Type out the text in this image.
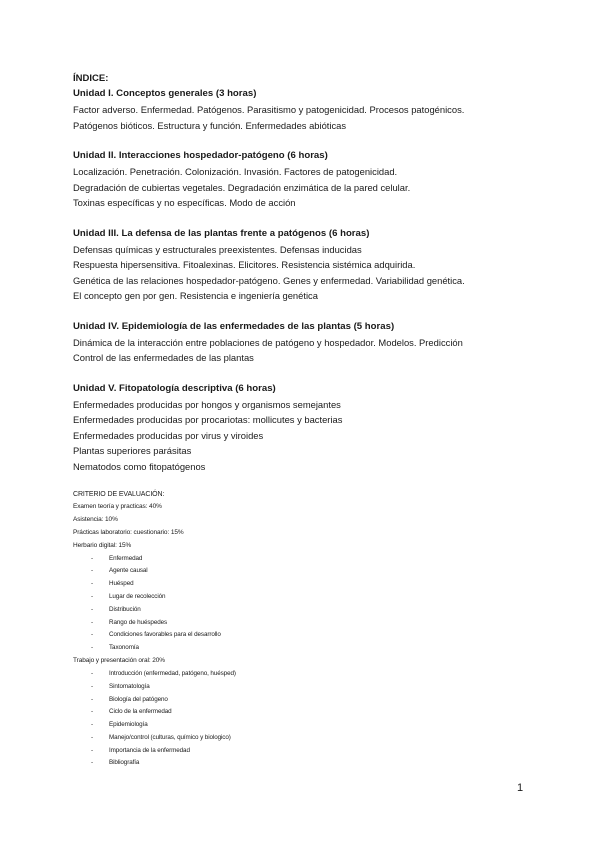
ÍNDICE:

Unidad I. Conceptos generales (3 horas)

Factor adverso. Enfermedad. Patógenos. Parasitismo y patogenicidad. Procesos patogénicos.

Patógenos bióticos. Estructura y función. Enfermedades abióticas

Unidad II. Interacciones hospedador-patógeno (6 horas)

Localización. Penetración. Colonización. Invasión. Factores de patogenicidad.

Degradación de cubiertas vegetales. Degradación enzimática de la pared celular.

Toxinas específicas y no específicas. Modo de acción

Unidad III. La defensa de las plantas frente a patógenos (6 horas)

Defensas químicas y estructurales preexistentes. Defensas inducidas

Respuesta hipersensitiva. Fitoalexinas. Elicitores. Resistencia sistémica adquirida.

Genética de las relaciones hospedador-patógeno. Genes y enfermedad. Variabilidad genética.

El concepto gen por gen. Resistencia e ingeniería genética

Unidad IV. Epidemiología de las enfermedades de las plantas (5 horas)

Dinámica de la interacción entre poblaciones de patógeno y hospedador. Modelos. Predicción

Control de las enfermedades de las plantas

Unidad V. Fitopatología descriptiva (6 horas)

Enfermedades producidas por hongos y organismos semejantes

Enfermedades producidas por procariotas: mollicutes y bacterias

Enfermedades producidas por virus y viroides

Plantas superiores parásitas

Nematodos como fitopatógenos

CRITERIO DE EVALUACIÓN:

Examen teoría y practicas: 40%

Asistencia: 10%

Prácticas laboratorio: cuestionario: 15%

Herbario digital: 15%

-	Enfermedad

-	Agente causal

-	Huésped

-	Lugar de recolección

-	Distribución

-	Rango de huéspedes

-	Condiciones favorables para el desarrollo

-	Taxonomía

Trabajo y presentación oral: 20%

-	Introducción (enfermedad, patógeno, huésped)

-	Sintomatología

-	Biología del patógeno

-	Ciclo de la enfermedad

-	Epidemiología

-	Manejo/control (culturas, químico y biologico)

-	Importancia de la enfermedad

-	Bibliografía

1
